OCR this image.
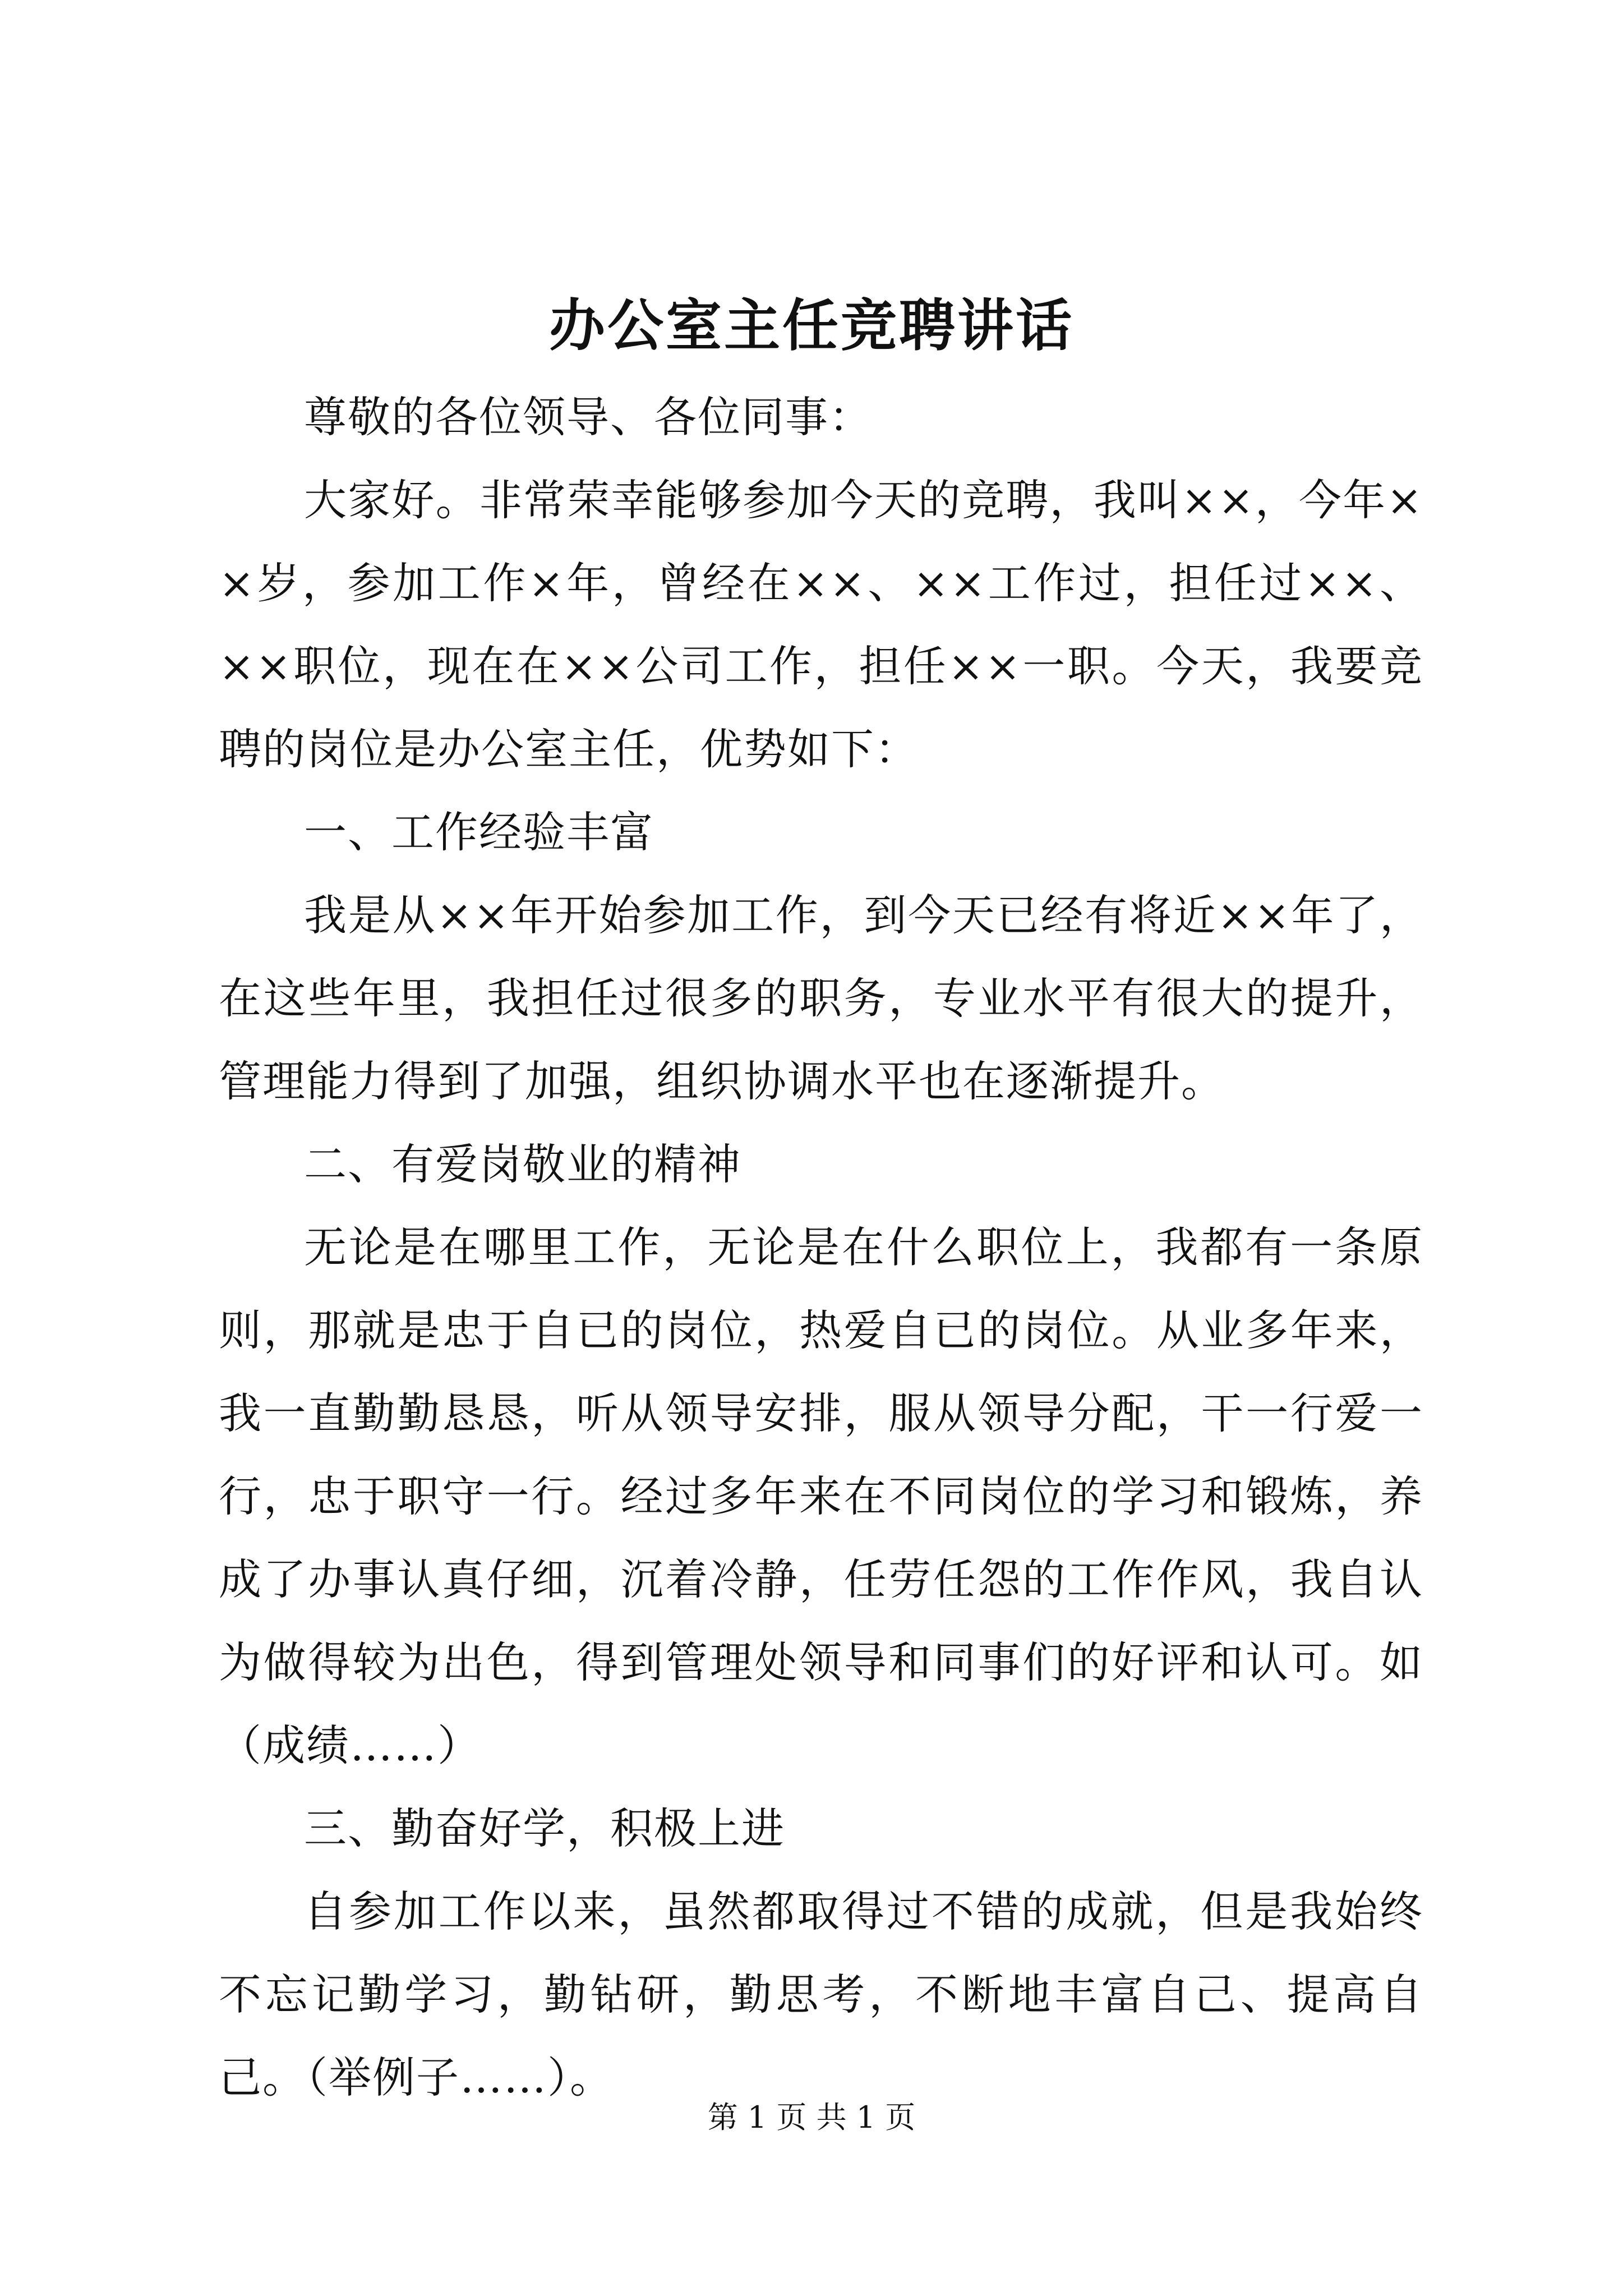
办公室主任竞聘讲话

尊敬的各位领导、各位同事：

大家好。非常荣幸能够参加今天的竞聘，我叫××，今年××岁，参加工作×年，曾经在××、××工作过，担任过××、××职位，现在在××公司工作，担任××一职。今天，我要竞聘的岗位是办公室主任，优势如下：

一、工作经验丰富

我是从××年开始参加工作，到今天已经有将近××年了，在这些年里，我担任过很多的职务，专业水平有很大的提升，管理能力得到了加强，组织协调水平也在逐渐提升。

二、有爱岗敬业的精神

无论是在哪里工作，无论是在什么职位上，我都有一条原则，那就是忠于自已的岗位，热爱自已的岗位。从业多年来，我一直勤勤恳恳，听从领导安排，服从领导分配，干一行爱一行，忠于职守一行。经过多年来在不同岗位的学习和锻炼，养成了办事认真仔细，沉着冷静，任劳任怨的工作作风，我自认为做得较为出色，得到管理处领导和同事们的好评和认可。如（成绩……）

三、勤奋好学，积极上进

自参加工作以来，虽然都取得过不错的成就，但是我始终不忘记勤学习，勤钻研，勤思考，不断地丰富自己、提高自己。（举例子……）。

第 1 页 共 1 页
